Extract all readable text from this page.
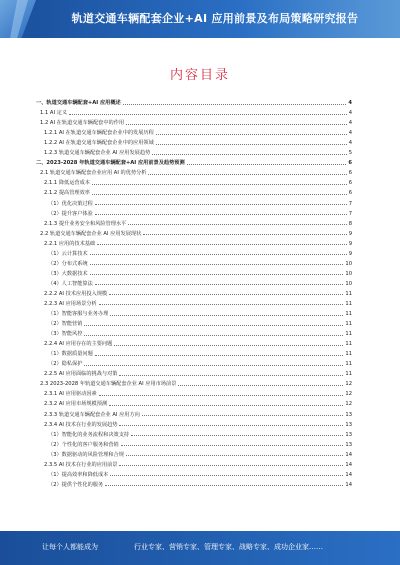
轨道交通车辆配套企业+AI 应用前景及布局策略研究报告
内容目录
一、轨道交通车辆配套+AI 应用概述	4
1.1 AI 定义	4
1.2 AI 在轨道交通车辆配套中的作用	4
1.2.1 AI 在轨道交通车辆配套企业中的发展历程	4
1.2.2 AI 在轨道交通车辆配套企业中的应用领域	4
1.2.3 轨道交通车辆配套企业 AI 应用发展趋势	5
二、2023-2028 年轨道交通车辆配套+AI 应用前景及趋势预测	6
2.1 轨道交通车辆配套企业应用 AI 的优势分析	6
2.1.1 降低运营成本	6
2.1.2 提高管理效率	6
（1）优化决策过程	7
（2）提升客户体验	7
2.1.3 提升业务安全和风险管理水平	8
2.2 轨道交通车辆配套企业 AI 应用发展现状	9
2.2.1 应用的技术基础	9
（1）云计算技术	9
（2）分布式系统	10
（3）大数据技术	10
（4）人工智能算法	10
2.2.2 AI 技术应用投入规模	11
2.2.3 AI 应用场景分析	11
（1）智能客服与业务办理	11
（2）智能营销	11
（3）智能风控	11
2.2.4 AI 应用存在的主要问题	11
（1）数据质量问题	11
（2）隐私保护	11
2.2.5 AI 应用面临的挑战与对策	11
2.3 2023-2028 年轨道交通车辆配套企业 AI 应用市场前景	12
2.3.1 AI 应用驱动因素	12
2.3.2 AI 应用市场规模预测	12
2.3.3 轨道交通车辆配套企业 AI 应用方向	13
2.3.4 AI 技术在行业的发展趋势	13
（1）智能化的业务流程和决策支持	13
（2）个性化的客户服务和营销	13
（3）数据驱动的风险管理和合规	14
2.3.5 AI 技术在行业的应用前景	14
（1）提高效率和降低成本	14
（2）提供个性化的服务	14
让每个人都能成为	行业专家、营销专家、管理专家、战略专家、成功企业家……
